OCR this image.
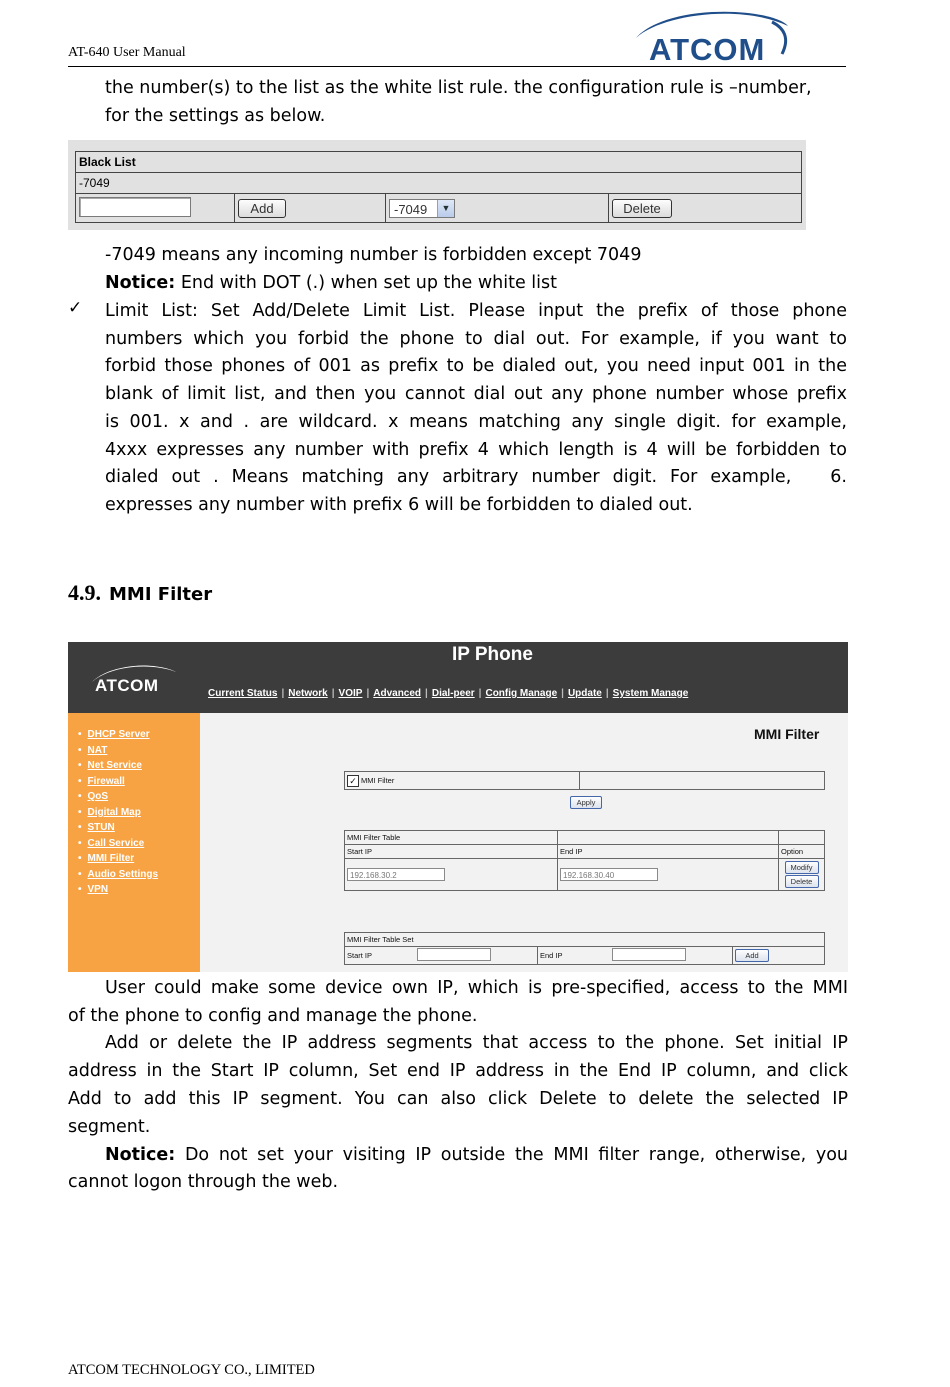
AT-640 User Manual	ATCOM
the number(s) to the list as the white list rule. the configuration rule is –number,
for the settings as below.
Black List
-7049
	Add	-7049	▼	Delete
-7049 means any incoming number is forbidden except 7049
Notice: End with DOT (.) when set up the white list
✓ Limit List: Set Add/Delete Limit List. Please input the prefix of those phone
numbers which you forbid the phone to dial out. For example, if you want to
forbid those phones of 001 as prefix to be dialed out, you need input 001 in the
blank of limit list, and then you cannot dial out any phone number whose prefix
is 001. x and . are wildcard. x means matching any single digit. for example,
4xxx expresses any number with prefix 4 which length is 4 will be forbidden to
dialed out . Means matching any arbitrary number digit. For example,   6.
expresses any number with prefix 6 will be forbidden to dialed out.
4.9. MMI Filter
IP Phone
ATCOM	Current Status | Network | VOIP | Advanced | Dial-peer | Config Manage | Update | System Manage
• DHCP Server
• NAT
• Net Service
• Firewall
• QoS
• Digital Map
• STUN
• Call Service
• MMI Filter
• Audio Settings
• VPN
MMI Filter
✓ MMI Filter	
Apply
MMI Filter Table		
Start IP	End IP	Option
192.168.30.2	192.168.30.40	Modify
Delete
MMI Filter Table Set
Start IP		End IP		Add
User could make some device own IP, which is pre-specified, access to the MMI
of the phone to config and manage the phone.
Add or delete the IP address segments that access to the phone. Set initial IP
address in the Start IP column, Set end IP address in the End IP column, and click
Add to add this IP segment. You can also click Delete to delete the selected IP
segment.
Notice: Do not set your visiting IP outside the MMI filter range, otherwise, you
cannot logon through the web.
ATCOM TECHNOLOGY CO., LIMITED
